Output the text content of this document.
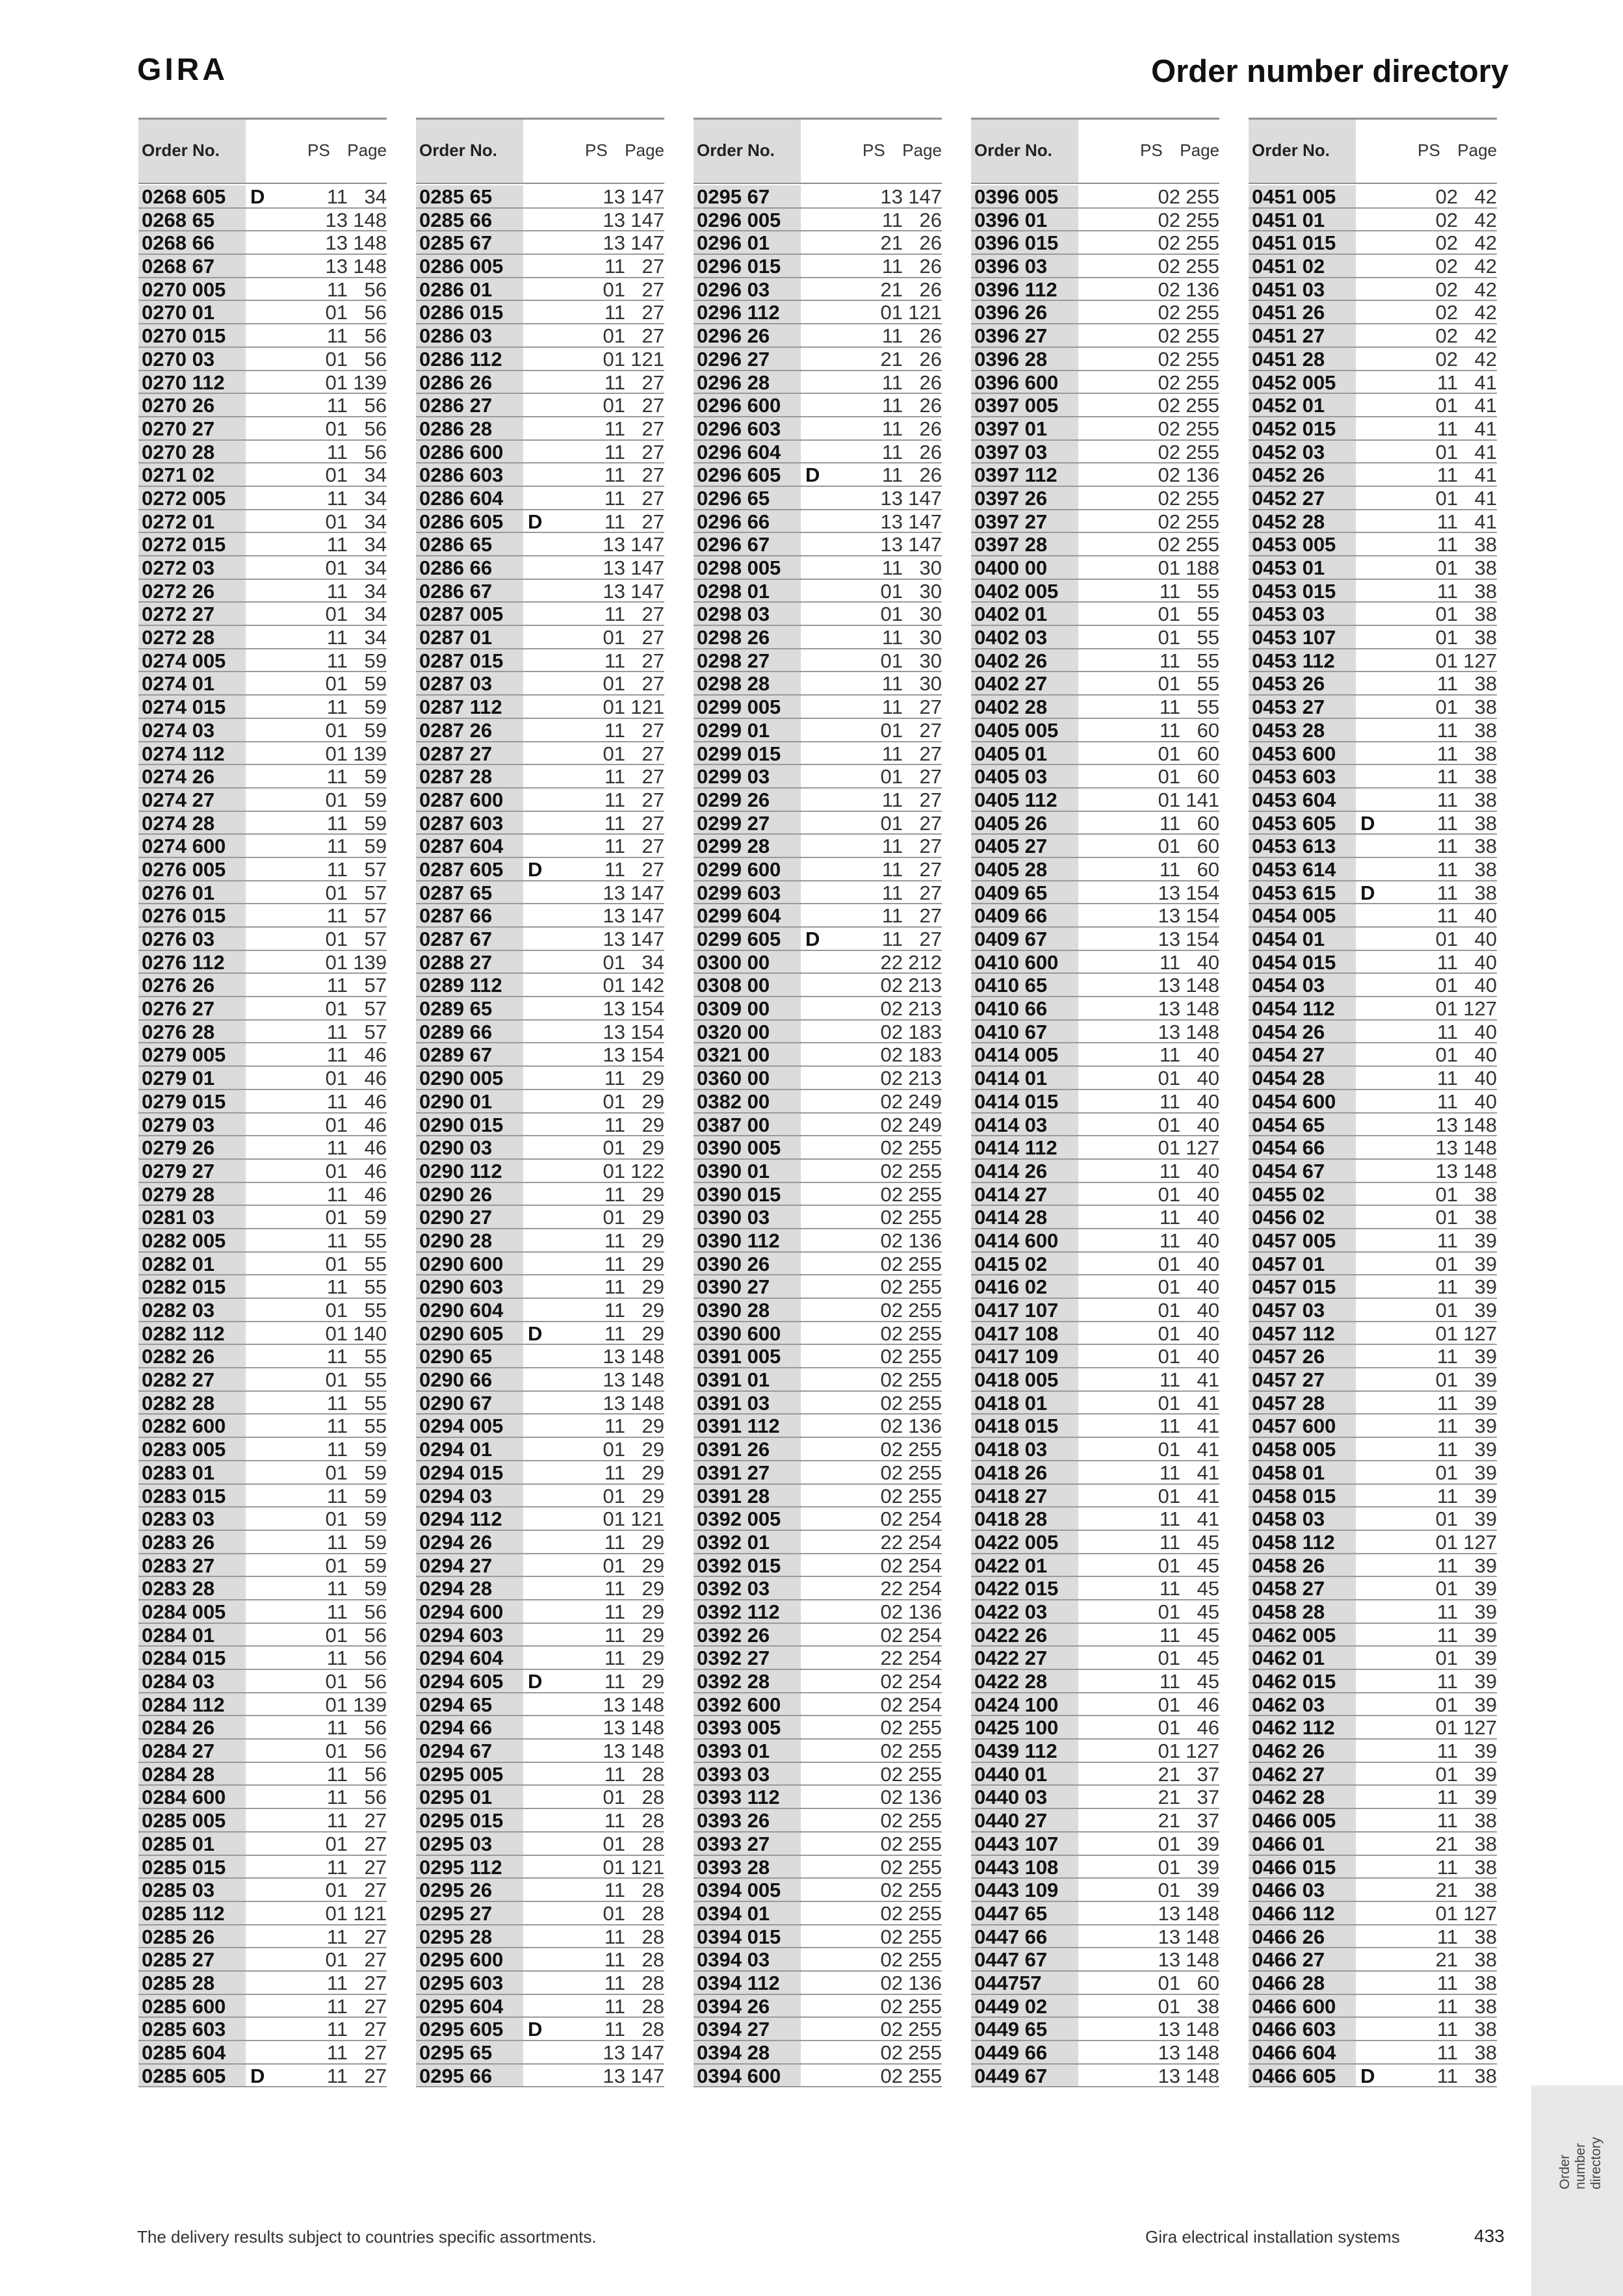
GIRA	Order number directory
Order No.	PS Page
0268 605	D	11 34
0268 65	13 148
0268 66	13 148
0268 67	13 148
0270 005	11 56
0270 01	01 56
0270 015	11 56
0270 03	01 56
0270 112	01 139
0270 26	11 56
0270 27	01 56
0270 28	11 56
0271 02	01 34
0272 005	11 34
0272 01	01 34
0272 015	11 34
0272 03	01 34
0272 26	11 34
0272 27	01 34
0272 28	11 34
0274 005	11 59
0274 01	01 59
0274 015	11 59
0274 03	01 59
0274 112	01 139
0274 26	11 59
0274 27	01 59
0274 28	11 59
0274 600	11 59
0276 005	11 57
0276 01	01 57
0276 015	11 57
0276 03	01 57
0276 112	01 139
0276 26	11 57
0276 27	01 57
0276 28	11 57
0279 005	11 46
0279 01	01 46
0279 015	11 46
0279 03	01 46
0279 26	11 46
0279 27	01 46
0279 28	11 46
0281 03	01 59
0282 005	11 55
0282 01	01 55
0282 015	11 55
0282 03	01 55
0282 112	01 140
0282 26	11 55
0282 27	01 55
0282 28	11 55
0282 600	11 55
0283 005	11 59
0283 01	01 59
0283 015	11 59
0283 03	01 59
0283 26	11 59
0283 27	01 59
0283 28	11 59
0284 005	11 56
0284 01	01 56
0284 015	11 56
0284 03	01 56
0284 112	01 139
0284 26	11 56
0284 27	01 56
0284 28	11 56
0284 600	11 56
0285 005	11 27
0285 01	01 27
0285 015	11 27
0285 03	01 27
0285 112	01 121
0285 26	11 27
0285 27	01 27
0285 28	11 27
0285 600	11 27
0285 603	11 27
0285 604	11 27
0285 605	D	11 27
Order No.	PS Page
0285 65	13 147
0285 66	13 147
0285 67	13 147
0286 005	11 27
0286 01	01 27
0286 015	11 27
0286 03	01 27
0286 112	01 121
0286 26	11 27
0286 27	01 27
0286 28	11 27
0286 600	11 27
0286 603	11 27
0286 604	11 27
0286 605	D	11 27
0286 65	13 147
0286 66	13 147
0286 67	13 147
0287 005	11 27
0287 01	01 27
0287 015	11 27
0287 03	01 27
0287 112	01 121
0287 26	11 27
0287 27	01 27
0287 28	11 27
0287 600	11 27
0287 603	11 27
0287 604	11 27
0287 605	D	11 27
0287 65	13 147
0287 66	13 147
0287 67	13 147
0288 27	01 34
0289 112	01 142
0289 65	13 154
0289 66	13 154
0289 67	13 154
0290 005	11 29
0290 01	01 29
0290 015	11 29
0290 03	01 29
0290 112	01 122
0290 26	11 29
0290 27	01 29
0290 28	11 29
0290 600	11 29
0290 603	11 29
0290 604	11 29
0290 605	D	11 29
0290 65	13 148
0290 66	13 148
0290 67	13 148
0294 005	11 29
0294 01	01 29
0294 015	11 29
0294 03	01 29
0294 112	01 121
0294 26	11 29
0294 27	01 29
0294 28	11 29
0294 600	11 29
0294 603	11 29
0294 604	11 29
0294 605	D	11 29
0294 65	13 148
0294 66	13 148
0294 67	13 148
0295 005	11 28
0295 01	01 28
0295 015	11 28
0295 03	01 28
0295 112	01 121
0295 26	11 28
0295 27	01 28
0295 28	11 28
0295 600	11 28
0295 603	11 28
0295 604	11 28
0295 605	D	11 28
0295 65	13 147
0295 66	13 147
Order No.	PS Page
0295 67	13 147
0296 005	11 26
0296 01	21 26
0296 015	11 26
0296 03	21 26
0296 112	01 121
0296 26	11 26
0296 27	21 26
0296 28	11 26
0296 600	11 26
0296 603	11 26
0296 604	11 26
0296 605	D	11 26
0296 65	13 147
0296 66	13 147
0296 67	13 147
0298 005	11 30
0298 01	01 30
0298 03	01 30
0298 26	11 30
0298 27	01 30
0298 28	11 30
0299 005	11 27
0299 01	01 27
0299 015	11 27
0299 03	01 27
0299 26	11 27
0299 27	01 27
0299 28	11 27
0299 600	11 27
0299 603	11 27
0299 604	11 27
0299 605	D	11 27
0300 00	22 212
0308 00	02 213
0309 00	02 213
0320 00	02 183
0321 00	02 183
0360 00	02 213
0382 00	02 249
0387 00	02 249
0390 005	02 255
0390 01	02 255
0390 015	02 255
0390 03	02 255
0390 112	02 136
0390 26	02 255
0390 27	02 255
0390 28	02 255
0390 600	02 255
0391 005	02 255
0391 01	02 255
0391 03	02 255
0391 112	02 136
0391 26	02 255
0391 27	02 255
0391 28	02 255
0392 005	02 254
0392 01	22 254
0392 015	02 254
0392 03	22 254
0392 112	02 136
0392 26	02 254
0392 27	22 254
0392 28	02 254
0392 600	02 254
0393 005	02 255
0393 01	02 255
0393 03	02 255
0393 112	02 136
0393 26	02 255
0393 27	02 255
0393 28	02 255
0394 005	02 255
0394 01	02 255
0394 015	02 255
0394 03	02 255
0394 112	02 136
0394 26	02 255
0394 27	02 255
0394 28	02 255
0394 600	02 255
Order No.	PS Page
0396 005	02 255
0396 01	02 255
0396 015	02 255
0396 03	02 255
0396 112	02 136
0396 26	02 255
0396 27	02 255
0396 28	02 255
0396 600	02 255
0397 005	02 255
0397 01	02 255
0397 03	02 255
0397 112	02 136
0397 26	02 255
0397 27	02 255
0397 28	02 255
0400 00	01 188
0402 005	11 55
0402 01	01 55
0402 03	01 55
0402 26	11 55
0402 27	01 55
0402 28	11 55
0405 005	11 60
0405 01	01 60
0405 03	01 60
0405 112	01 141
0405 26	11 60
0405 27	01 60
0405 28	11 60
0409 65	13 154
0409 66	13 154
0409 67	13 154
0410 600	11 40
0410 65	13 148
0410 66	13 148
0410 67	13 148
0414 005	11 40
0414 01	01 40
0414 015	11 40
0414 03	01 40
0414 112	01 127
0414 26	11 40
0414 27	01 40
0414 28	11 40
0414 600	11 40
0415 02	01 40
0416 02	01 40
0417 107	01 40
0417 108	01 40
0417 109	01 40
0418 005	11 41
0418 01	01 41
0418 015	11 41
0418 03	01 41
0418 26	11 41
0418 27	01 41
0418 28	11 41
0422 005	11 45
0422 01	01 45
0422 015	11 45
0422 03	01 45
0422 26	11 45
0422 27	01 45
0422 28	11 45
0424 100	01 46
0425 100	01 46
0439 112	01 127
0440 01	21 37
0440 03	21 37
0440 27	21 37
0443 107	01 39
0443 108	01 39
0443 109	01 39
0447 65	13 148
0447 66	13 148
0447 67	13 148
044757	01 60
0449 02	01 38
0449 65	13 148
0449 66	13 148
0449 67	13 148
Order No.	PS Page
0451 005	02 42
0451 01	02 42
0451 015	02 42
0451 02	02 42
0451 03	02 42
0451 26	02 42
0451 27	02 42
0451 28	02 42
0452 005	11 41
0452 01	01 41
0452 015	11 41
0452 03	01 41
0452 26	11 41
0452 27	01 41
0452 28	11 41
0453 005	11 38
0453 01	01 38
0453 015	11 38
0453 03	01 38
0453 107	01 38
0453 112	01 127
0453 26	11 38
0453 27	01 38
0453 28	11 38
0453 600	11 38
0453 603	11 38
0453 604	11 38
0453 605	D	11 38
0453 613	11 38
0453 614	11 38
0453 615	D	11 38
0454 005	11 40
0454 01	01 40
0454 015	11 40
0454 03	01 40
0454 112	01 127
0454 26	11 40
0454 27	01 40
0454 28	11 40
0454 600	11 40
0454 65	13 148
0454 66	13 148
0454 67	13 148
0455 02	01 38
0456 02	01 38
0457 005	11 39
0457 01	01 39
0457 015	11 39
0457 03	01 39
0457 112	01 127
0457 26	11 39
0457 27	01 39
0457 28	11 39
0457 600	11 39
0458 005	11 39
0458 01	01 39
0458 015	11 39
0458 03	01 39
0458 112	01 127
0458 26	11 39
0458 27	01 39
0458 28	11 39
0462 005	11 39
0462 01	01 39
0462 015	11 39
0462 03	01 39
0462 112	01 127
0462 26	11 39
0462 27	01 39
0462 28	11 39
0466 005	11 38
0466 01	21 38
0466 015	11 38
0466 03	21 38
0466 112	01 127
0466 26	11 38
0466 27	21 38
0466 28	11 38
0466 600	11 38
0466 603	11 38
0466 604	11 38
0466 605	D	11 38
The delivery results subject to countries specific assortments.	Gira electrical installation systems	433
Order number directory
